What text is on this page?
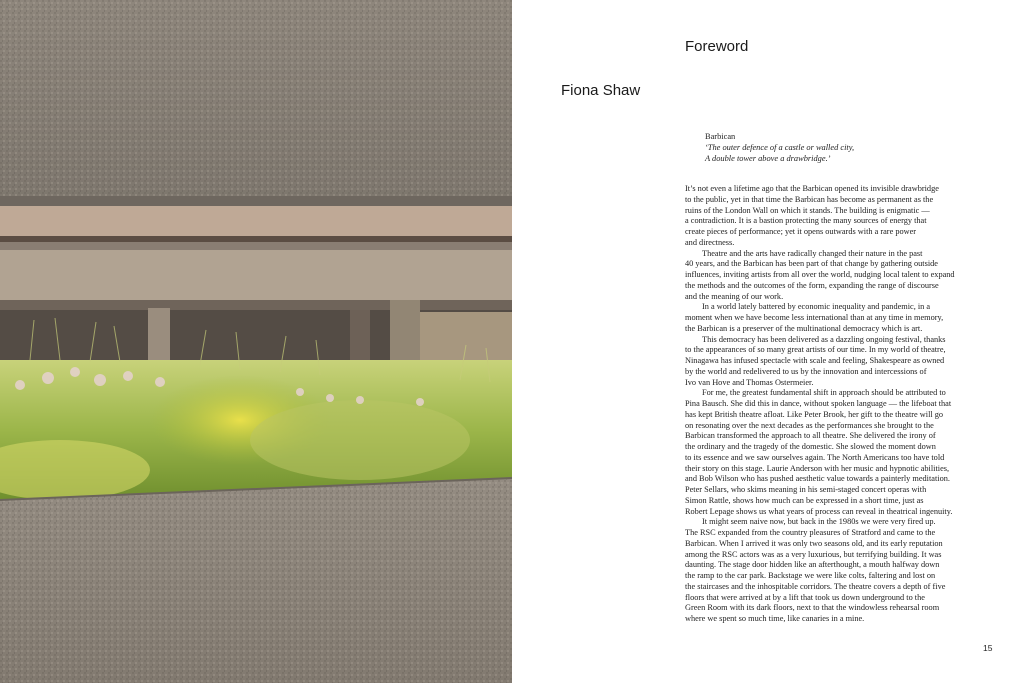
Foreword
Fiona Shaw
Barbican
‘The outer defence of a castle or walled city,
A double tower above a drawbridge.’
It’s not even a lifetime ago that the Barbican opened its invisible drawbridge
to the public, yet in that time the Barbican has become as permanent as the
ruins of the London Wall on which it stands. The building is enigmatic —
a contradiction. It is a bastion protecting the many sources of energy that
create pieces of performance; yet it opens outwards with a rare power
and directness.
Theatre and the arts have radically changed their nature in the past
40 years, and the Barbican has been part of that change by gathering outside
influences, inviting artists from all over the world, nudging local talent to expand
the methods and the outcomes of the form, expanding the range of discourse
and the meaning of our work.
In a world lately battered by economic inequality and pandemic, in a
moment when we have become less international than at any time in memory,
the Barbican is a preserver of the multinational democracy which is art.
This democracy has been delivered as a dazzling ongoing festival, thanks
to the appearances of so many great artists of our time. In my world of theatre,
Ninagawa has infused spectacle with scale and feeling, Shakespeare as owned
by the world and redelivered to us by the innovation and intercessions of
Ivo van Hove and Thomas Ostermeier.
For me, the greatest fundamental shift in approach should be attributed to
Pina Bausch. She did this in dance, without spoken language — the lifeboat that
has kept British theatre afloat. Like Peter Brook, her gift to the theatre will go
on resonating over the next decades as the performances she brought to the
Barbican transformed the approach to all theatre. She delivered the irony of
the ordinary and the tragedy of the domestic. She slowed the moment down
to its essence and we saw ourselves again. The North Americans too have told
their story on this stage. Laurie Anderson with her music and hypnotic abilities,
and Bob Wilson who has pushed aesthetic value towards a painterly meditation.
Peter Sellars, who skims meaning in his semi-staged concert operas with
Simon Rattle, shows how much can be expressed in a short time, just as
Robert Lepage shows us what years of process can reveal in theatrical ingenuity.
It might seem naive now, but back in the 1980s we were very fired up.
The RSC expanded from the country pleasures of Stratford and came to the
Barbican. When I arrived it was only two seasons old, and its early reputation
among the RSC actors was as a very luxurious, but terrifying building. It was
daunting. The stage door hidden like an afterthought, a mouth halfway down
the ramp to the car park. Backstage we were like colts, faltering and lost on
the staircases and the inhospitable corridors. The theatre covers a depth of five
floors that were arrived at by a lift that took us down underground to the
Green Room with its dark floors, next to that the windowless rehearsal room
where we spent so much time, like canaries in a mine.
15
